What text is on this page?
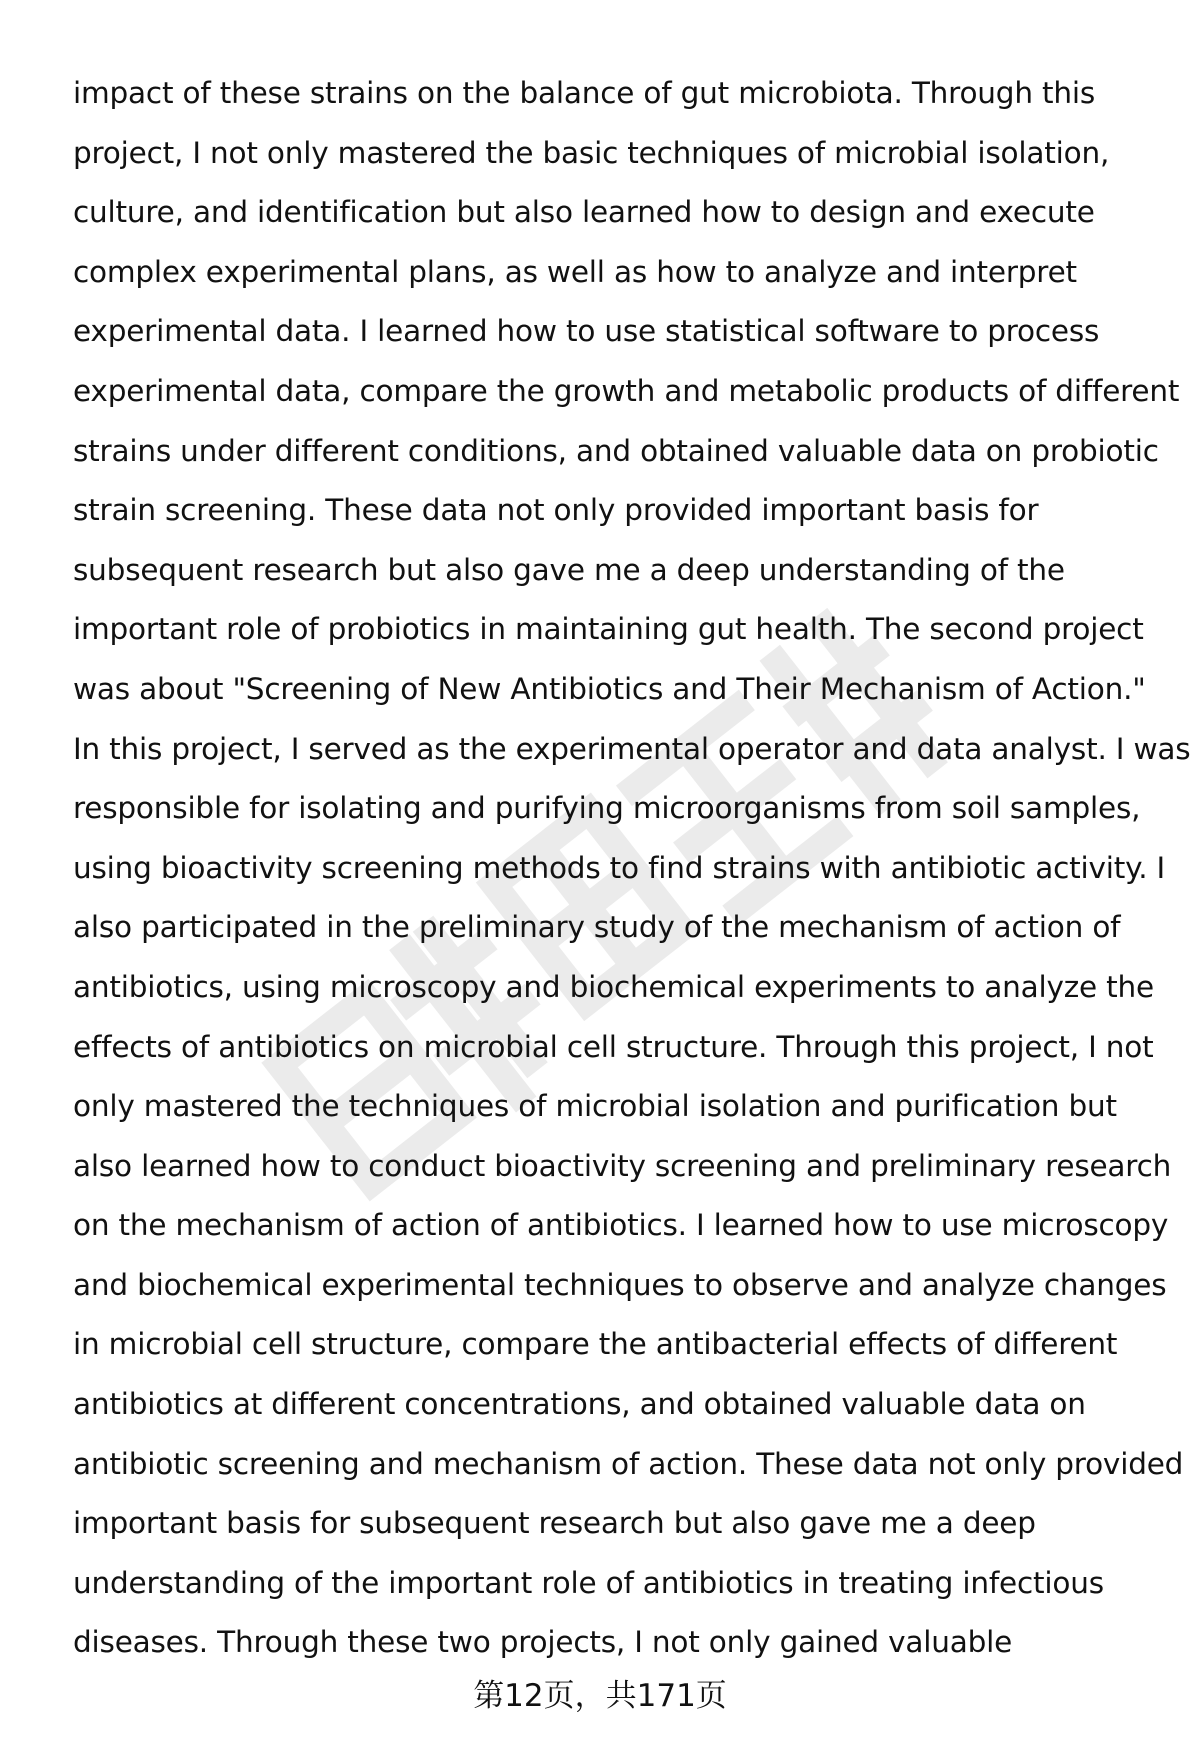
impact of these strains on the balance of gut microbiota. Through this
project, I not only mastered the basic techniques of microbial isolation,
culture, and identification but also learned how to design and execute
complex experimental plans, as well as how to analyze and interpret
experimental data. I learned how to use statistical software to process
experimental data, compare the growth and metabolic products of different
strains under different conditions, and obtained valuable data on probiotic
strain screening. These data not only provided important basis for
subsequent research but also gave me a deep understanding of the
important role of probiotics in maintaining gut health. The second project
was about "Screening of New Antibiotics and Their Mechanism of Action."
In this project, I served as the experimental operator and data analyst. I was
responsible for isolating and purifying microorganisms from soil samples,
using bioactivity screening methods to find strains with antibiotic activity. I
also participated in the preliminary study of the mechanism of action of
antibiotics, using microscopy and biochemical experiments to analyze the
effects of antibiotics on microbial cell structure. Through this project, I not
only mastered the techniques of microbial isolation and purification but
also learned how to conduct bioactivity screening and preliminary research
on the mechanism of action of antibiotics. I learned how to use microscopy
and biochemical experimental techniques to observe and analyze changes
in microbial cell structure, compare the antibacterial effects of different
antibiotics at different concentrations, and obtained valuable data on
antibiotic screening and mechanism of action. These data not only provided
important basis for subsequent research but also gave me a deep
understanding of the important role of antibiotics in treating infectious
diseases. Through these two projects, I not only gained valuable
第12页，共171页
